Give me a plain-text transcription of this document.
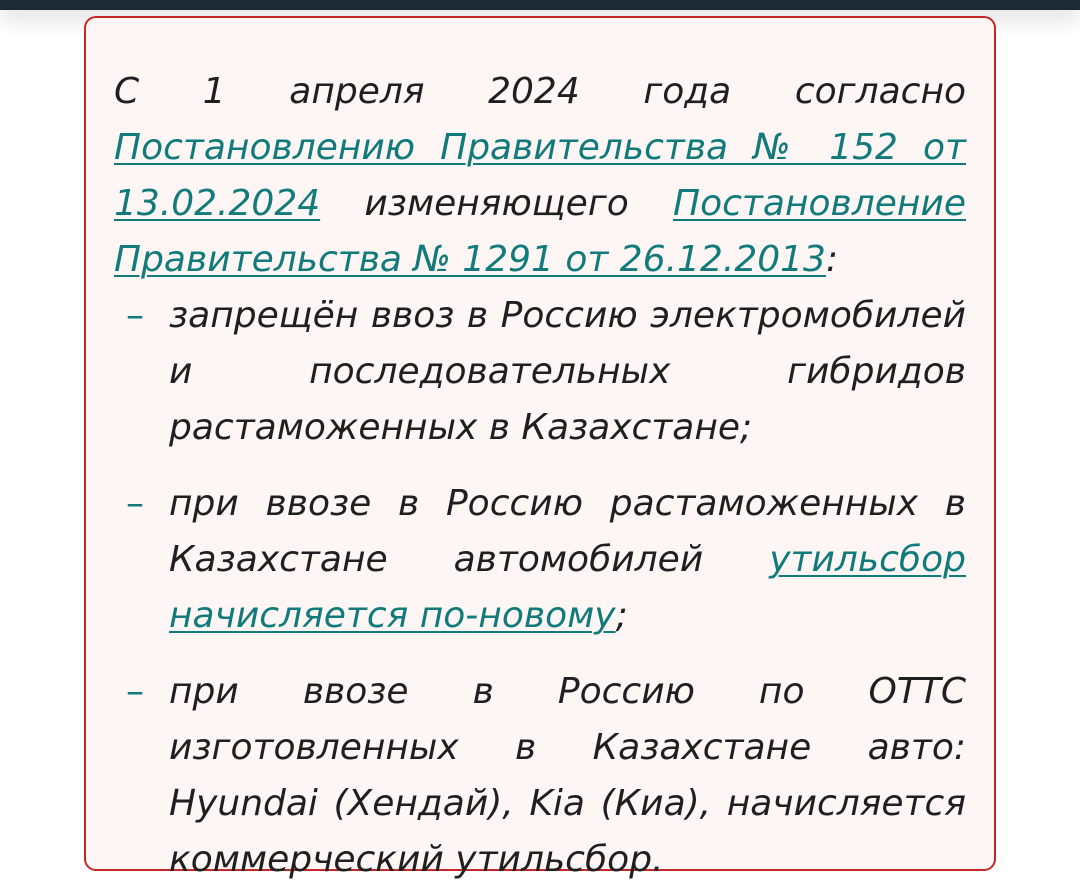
С 1 апреля 2024 года согласно Постановлению Правительства № 152 от 13.02.2024 изменяющего Постановление Правительства № 1291 от 26.12.2013:

– запрещён ввоз в Россию электромобилей и последовательных гибридов растаможенных в Казахстане;
– при ввозе в Россию растаможенных в Казахстане автомобилей утильсбор начисляется по-новому;
– при ввозе в Россию по ОТТС изготовленных в Казахстане авто: Hyundai (Хендай), Kia (Киа), начисляется коммерческий утильсбор.
